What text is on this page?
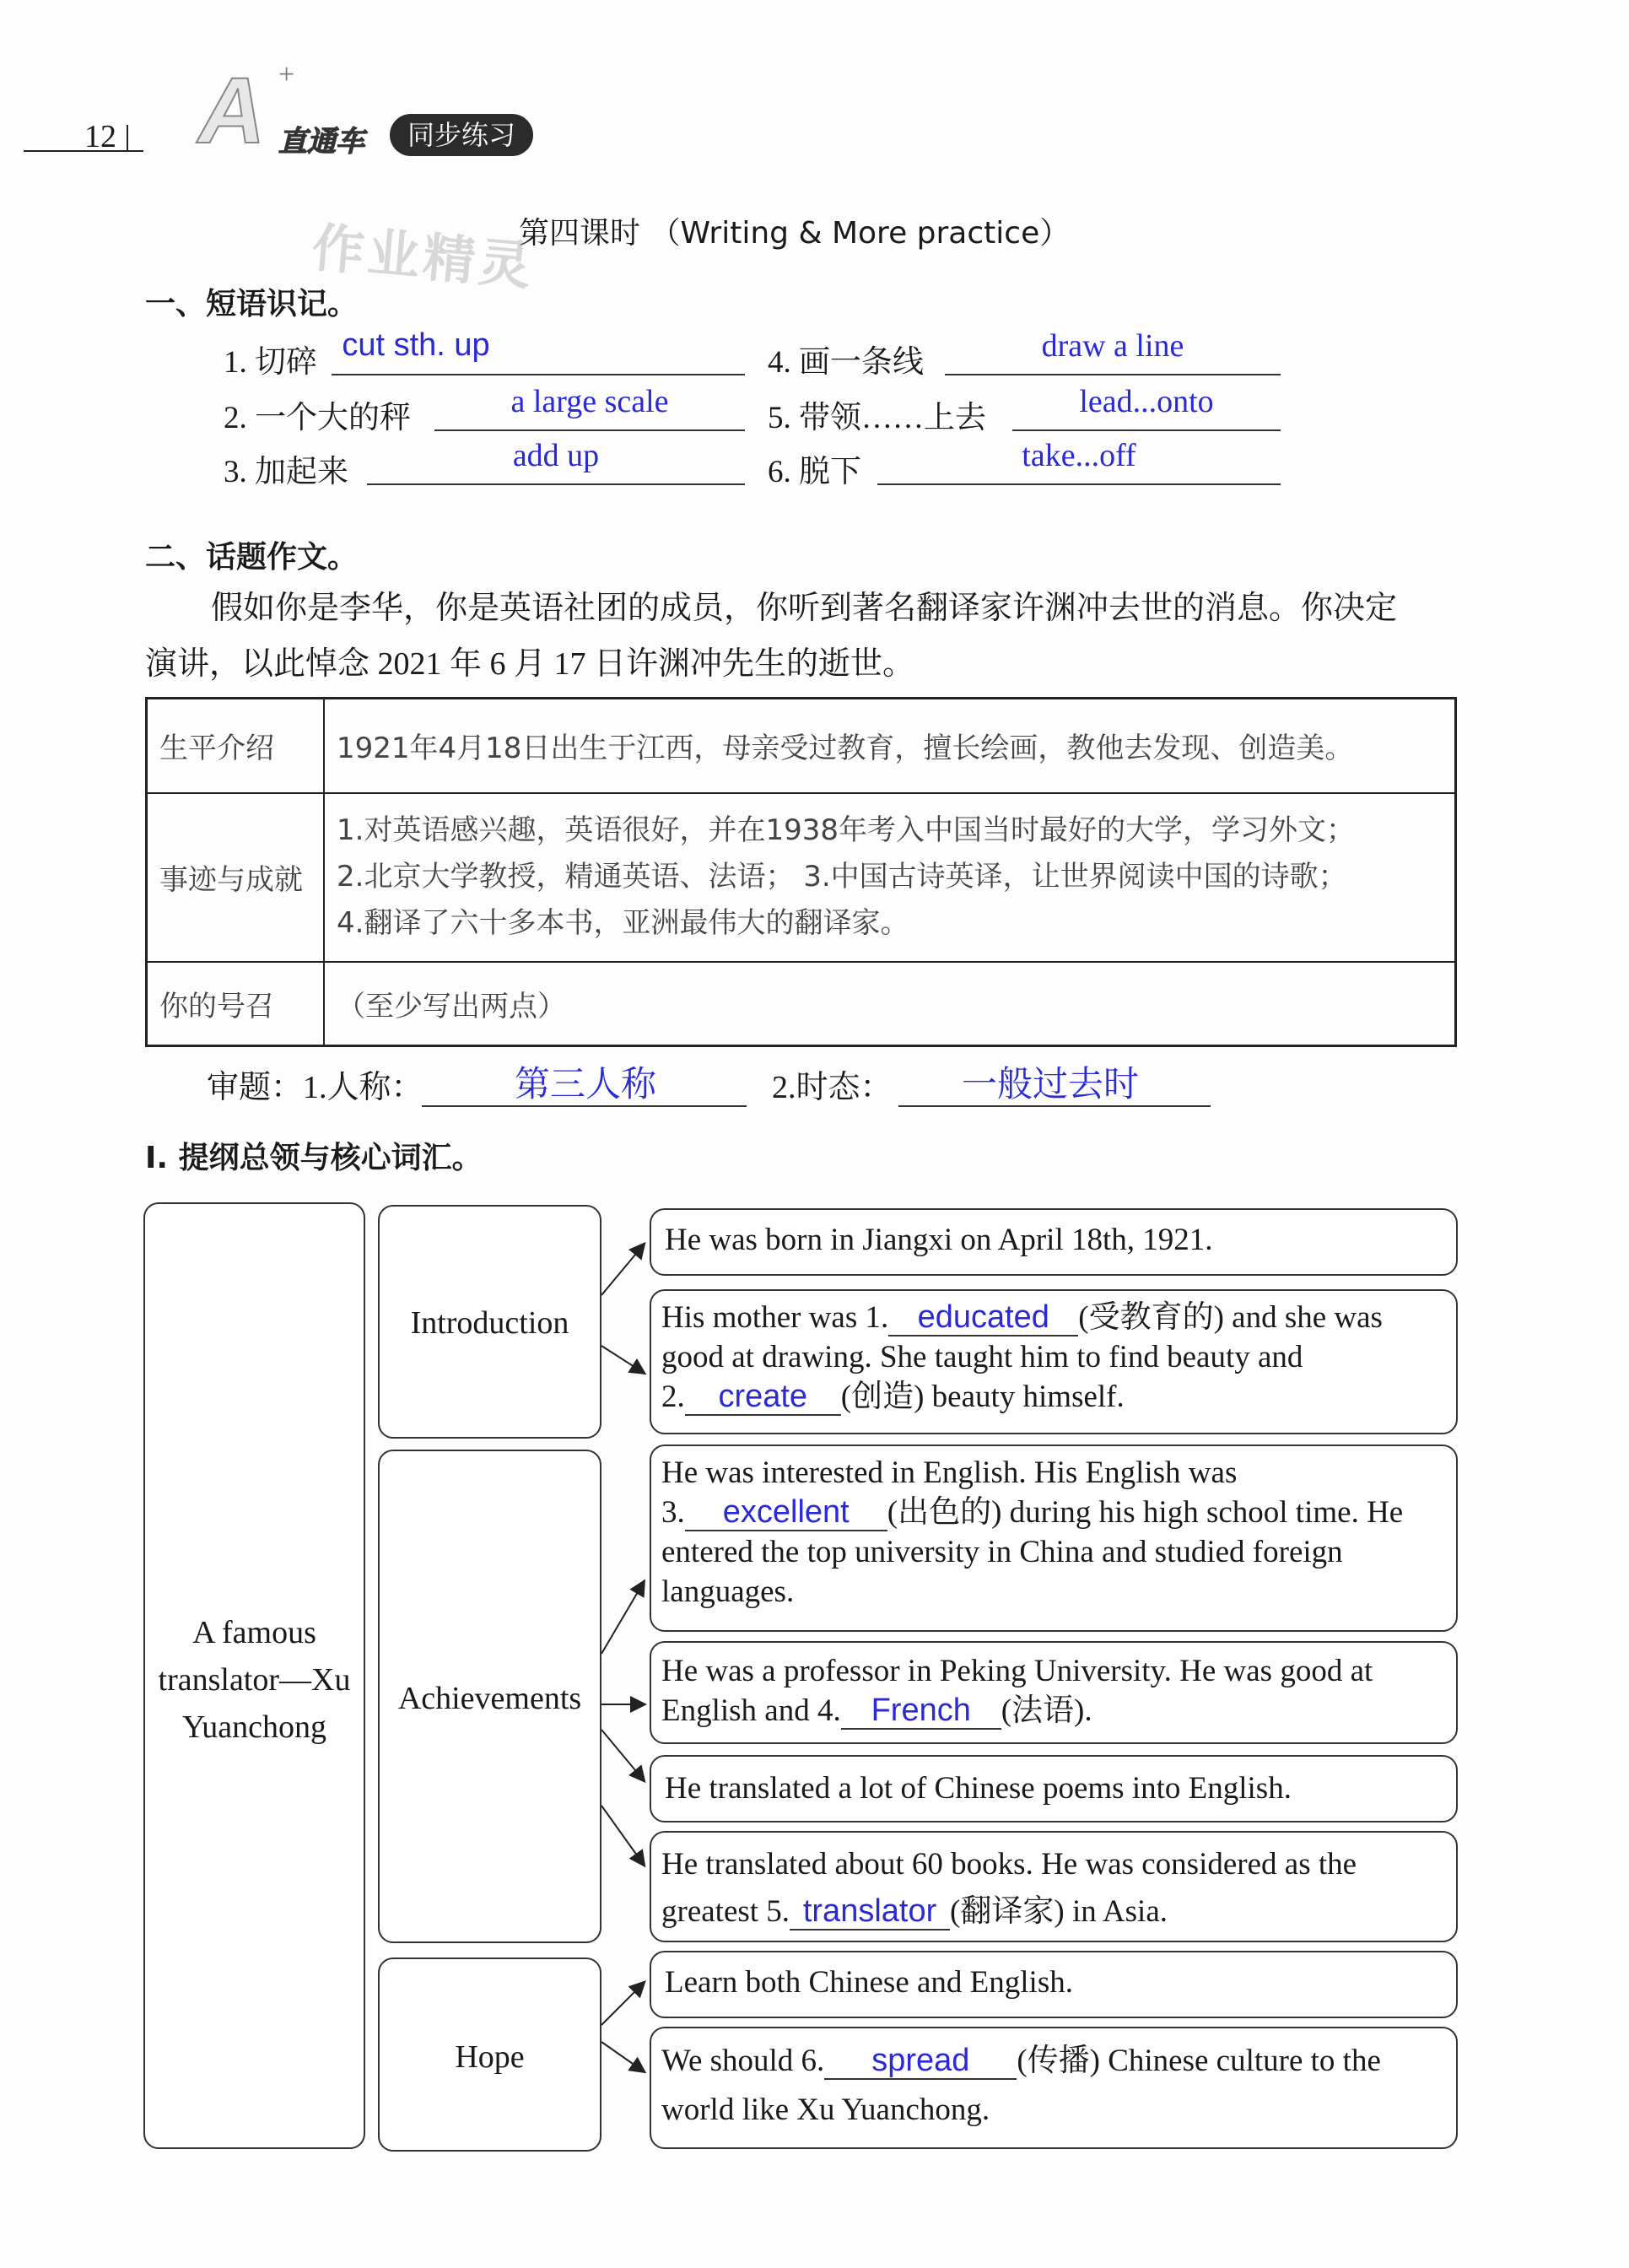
12 A +
直通车	同步练习
作业精灵
第四课时 （Writing & More practice）
一、短语识记。
1. 切碎 cut sth. up	4. 画一条线	draw a line
2. 一个大的秤	a large scale	5. 带领……上去	lead...onto
3. 加起来	add up	6. 脱下	take...off
二、话题作文。
假如你是李华，你是英语社团的成员，你听到著名翻译家许渊冲去世的消息。你决定
演讲，以此悼念 2021 年 6 月 17 日许渊冲先生的逝世。
生平介绍	1921年4月18日出生于江西，母亲受过教育，擅长绘画，教他去发现、创造美。
事迹与成就	1.对英语感兴趣，英语很好，并在1938年考入中国当时最好的大学，学习外文；
2.北京大学教授，精通英语、法语； 3.中国古诗英译，让世界阅读中国的诗歌；
4.翻译了六十多本书，亚洲最伟大的翻译家。

你的号召	（至少写出两点）
审题：1.人称：	第三人称	2.时态： 一般过去时
Ⅰ. 提纲总领与核心词汇。
A famous
translator—Xu
Yuanchong
Introduction
Achievements
Hope
He was born in Jiangxi on April 18th, 1921.
His mother was 1. educated (受教育的) and she was
good at drawing. She taught him to find beauty and
2. create (创造) beauty himself.
He was interested in English. His English was
3. excellent (出色的) during his high school time. He
entered the top university in China and studied foreign
languages.
He was a professor in Peking University. He was good at
English and 4. French (法语).
He translated a lot of Chinese poems into English.
He translated about 60 books. He was considered as the
greatest 5. translator (翻译家) in Asia.
Learn both Chinese and English.
We should 6. spread (传播) Chinese culture to the
world like Xu Yuanchong.
